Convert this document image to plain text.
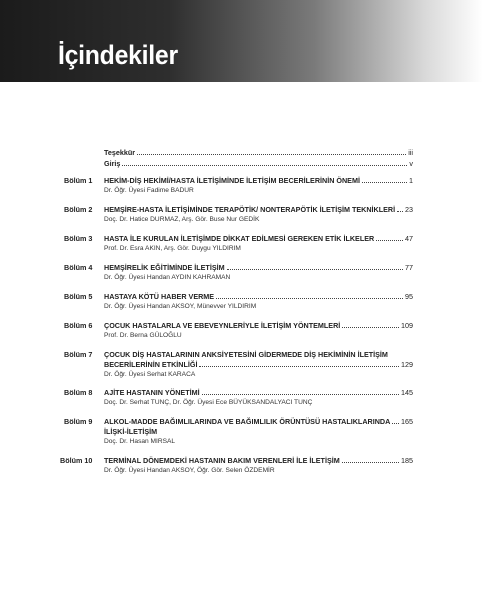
İçindekiler
Teşekkür	iii
Giriş	v
Bölüm 1	HEKİM-DİŞ HEKİMİ/HASTA İLETİŞİMİNDE İLETİŞİM BECERİLERİNİN ÖNEMİ	1
Dr. Öğr. Üyesi Fadime BADUR
Bölüm 2	HEMŞİRE-HASTA İLETİŞİMİNDE TERAPÖTİK/ NONTERAPÖTİK İLETİŞİM TEKNİKLERİ 23
Doç. Dr. Hatice DURMAZ, Arş. Gör. Buse Nur GEDİK
Bölüm 3	HASTA İLE KURULAN İLETİŞİMDE DİKKAT EDİLMESİ GEREKEN ETİK İLKELER	47
Prof. Dr. Esra AKIN, Arş. Gör. Duygu YILDIRIM
Bölüm 4	HEMŞİRELİK EĞİTİMİNDE İLETİŞİM	77
Dr. Öğr. Üyesi Handan AYDIN KAHRAMAN
Bölüm 5	HASTAYA KÖTÜ HABER VERME	95
Dr. Öğr. Üyesi Handan AKSOY, Münevver YILDIRIM
Bölüm 6	ÇOCUK HASTALARLA VE EBEVEYNLERİYLE İLETİŞİM YÖNTEMLERİ	109
Prof. Dr. Berna GÜLOĞLU
Bölüm 7	ÇOCUK DİŞ HASTALARININ ANKSİYETESİNİ GİDERMEDE DİŞ HEKİMİNİN İLETİŞİM
BECERİLERİNİN ETKİNLİĞİ	129
Dr. Öğr. Üyesi Serhat KARACA
Bölüm 8	AJİTE HASTANIN YÖNETİMİ	145
Doç. Dr. Serhat TUNÇ, Dr. Öğr. Üyesi Ece BÜYÜKSANDALYACI TUNÇ
Bölüm 9	ALKOL-MADDE BAĞIMLILARINDA VE BAĞIMLILIK ÖRÜNTÜSÜ HASTALIKLARINDA 165
İLİŞKİ-İLETİŞİM
Doç. Dr. Hasan MIRSAL
Bölüm 10	TERMİNAL DÖNEMDEKİ HASTANIN BAKIM VERENLERİ İLE İLETİŞİM	185
Dr. Öğr. Üyesi Handan AKSOY, Öğr. Gör. Selen ÖZDEMİR
